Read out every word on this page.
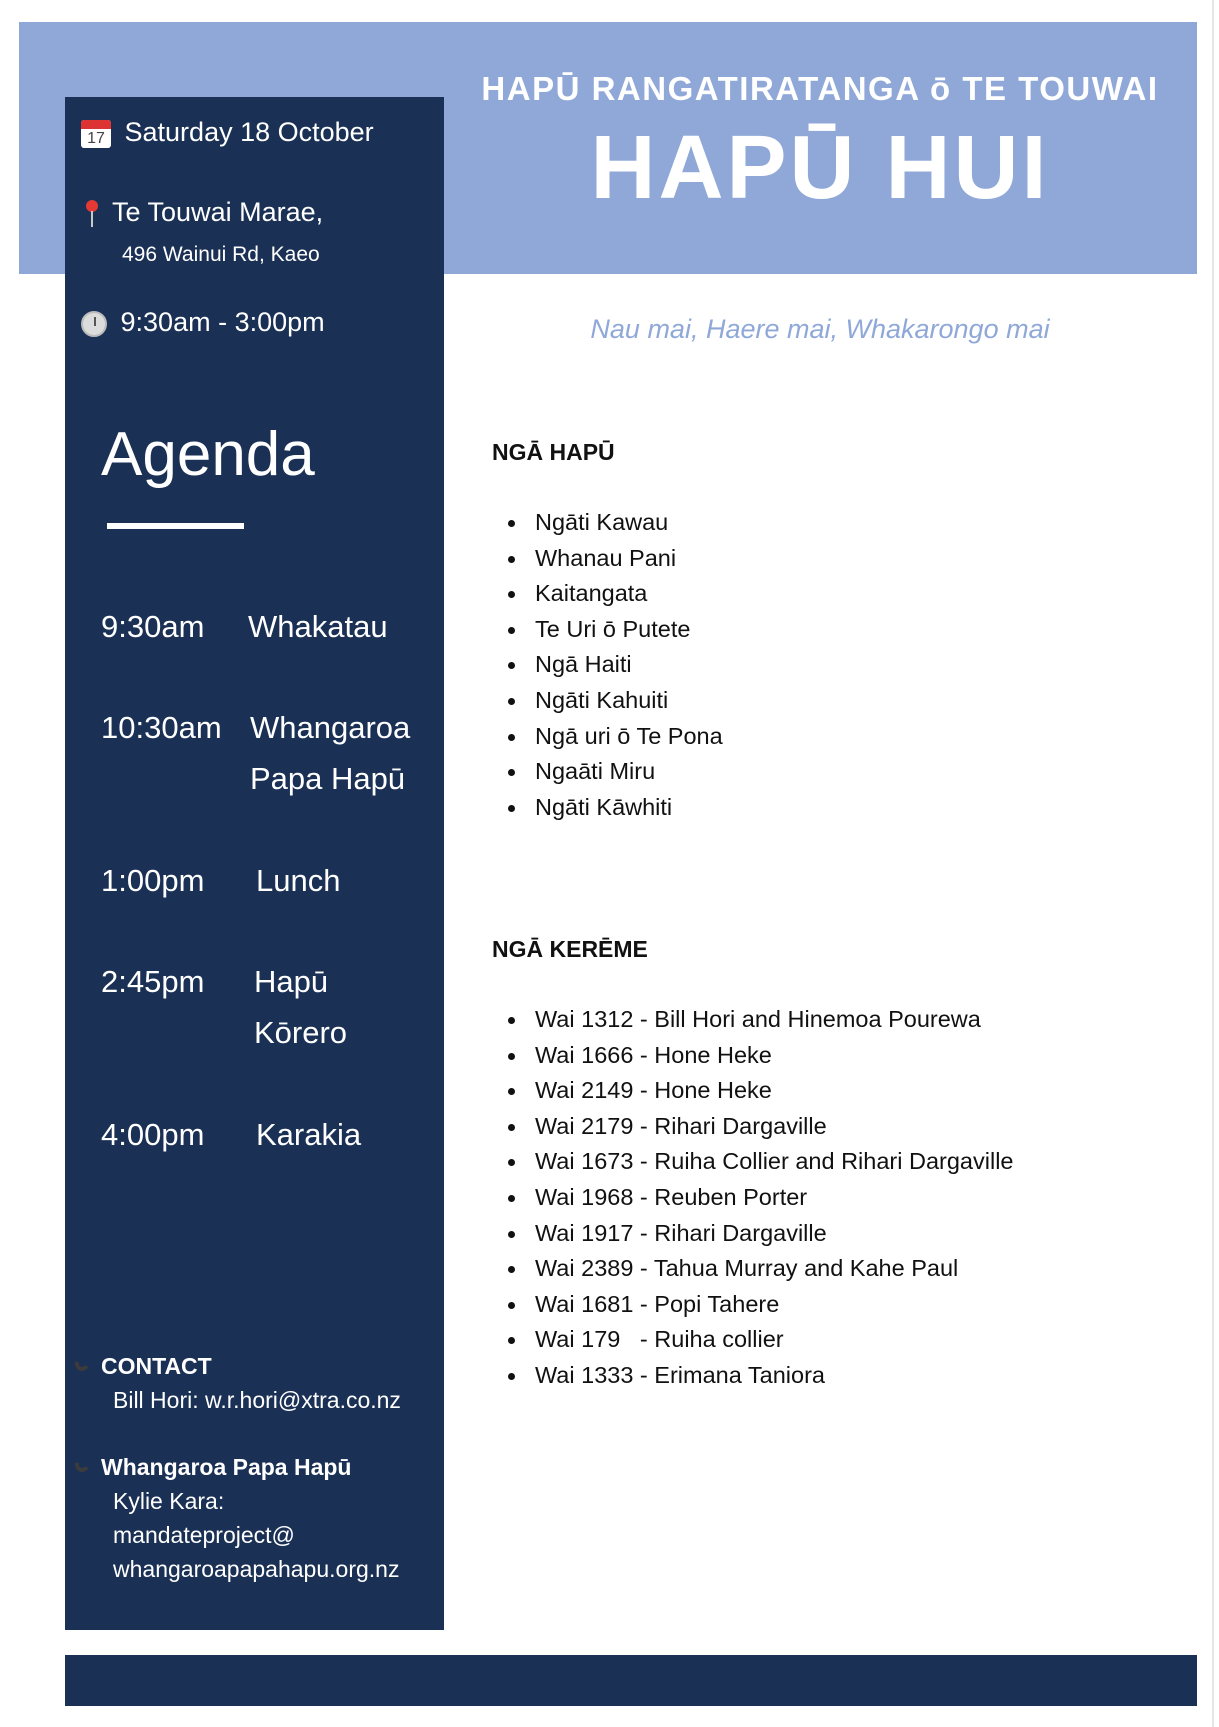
HAPŪ RANGATIRATANGA ō TE TOUWAI
HAPŪ HUI
17 Saturday 18 October
Te Touwai Marae,
496 Wainui Rd, Kaeo
9:30am - 3:00pm
Agenda
9:30am Whakatau
10:30am Whangaroa Papa Hapū
1:00pm Lunch
2:45pm Hapū Kōrero
4:00pm Karakia
CONTACT
Bill Hori: w.r.hori@xtra.co.nz
Whangaroa Papa Hapū
Kylie Kara:
mandateproject@
whangaroapapahapu.org.nz
Nau mai, Haere mai, Whakarongo mai
NGĀ HAPŪ
Ngāti Kawau
Whanau Pani
Kaitangata
Te Uri ō Putete
Ngā Haiti
Ngāti Kahuiti
Ngā uri ō Te Pona
Ngaāti Miru
Ngāti Kāwhiti
NGĀ KERĒME
Wai 1312 - Bill Hori and Hinemoa Pourewa
Wai 1666 - Hone Heke
Wai 2149 - Hone Heke
Wai 2179 - Rihari Dargaville
Wai 1673 - Ruiha Collier and Rihari Dargaville
Wai 1968 - Reuben Porter
Wai 1917 - Rihari Dargaville
Wai 2389 - Tahua Murray and Kahe Paul
Wai 1681 - Popi Tahere
Wai 179   - Ruiha collier
Wai 1333 - Erimana Taniora
